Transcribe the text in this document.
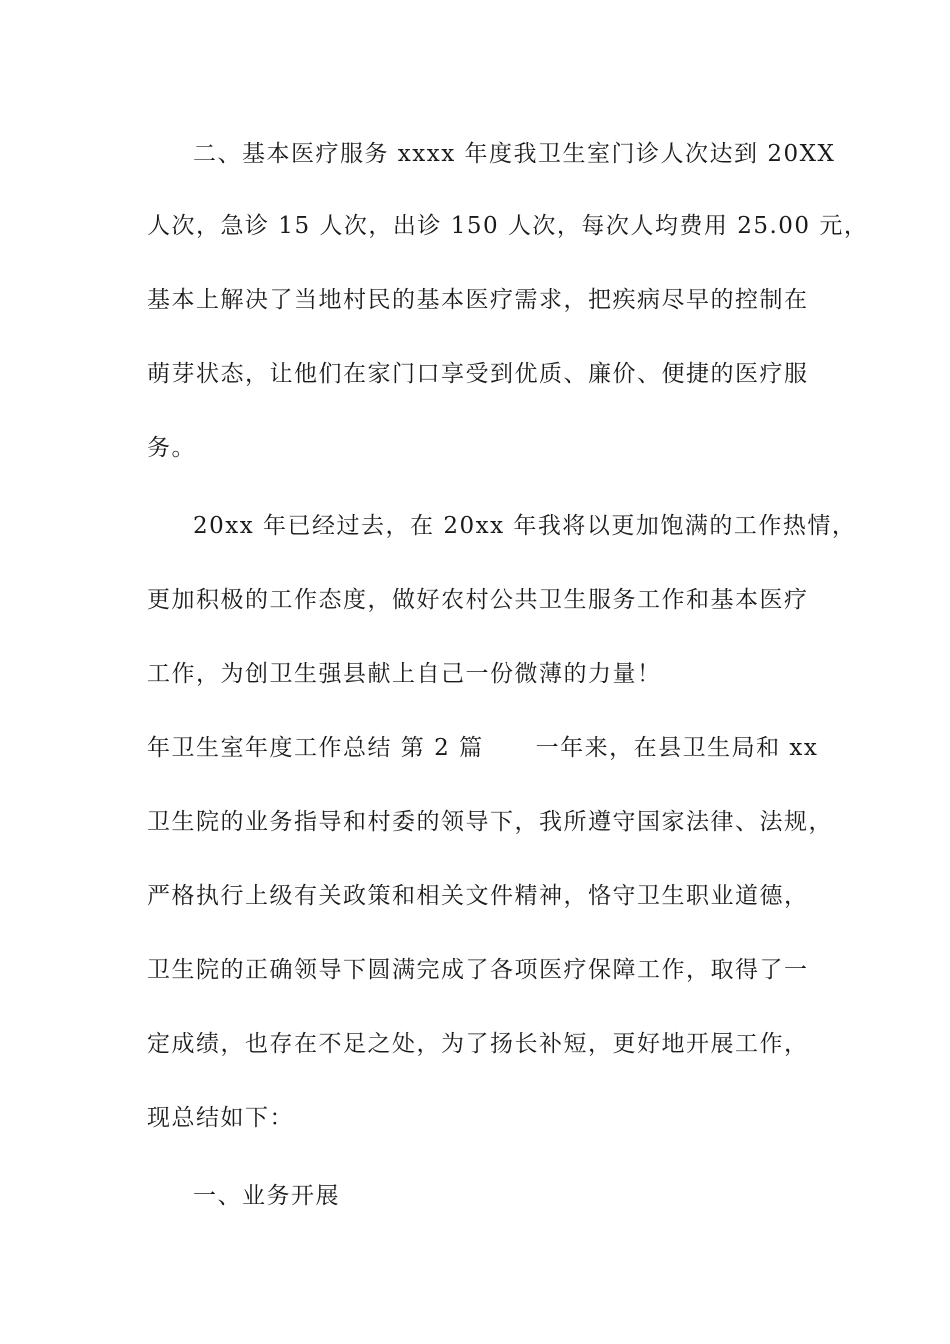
二、基本医疗服务 xxxx 年度我卫生室门诊人次达到 20XX
人次，急诊 15 人次，出诊 150 人次，每次人均费用 25.00 元，
基本上解决了当地村民的基本医疗需求，把疾病尽早的控制在
萌芽状态，让他们在家门口享受到优质、廉价、便捷的医疗服
务。
20xx 年已经过去，在 20xx 年我将以更加饱满的工作热情，
更加积极的工作态度，做好农村公共卫生服务工作和基本医疗
工作，为创卫生强县献上自己一份微薄的力量！
年卫生室年度工作总结 第 2 篇 一年来，在县卫生局和 xx
卫生院的业务指导和村委的领导下，我所遵守国家法律、法规，
严格执行上级有关政策和相关文件精神，恪守卫生职业道德，
卫生院的正确领导下圆满完成了各项医疗保障工作，取得了一
定成绩，也存在不足之处，为了扬长补短，更好地开展工作，
现总结如下：
一、业务开展
